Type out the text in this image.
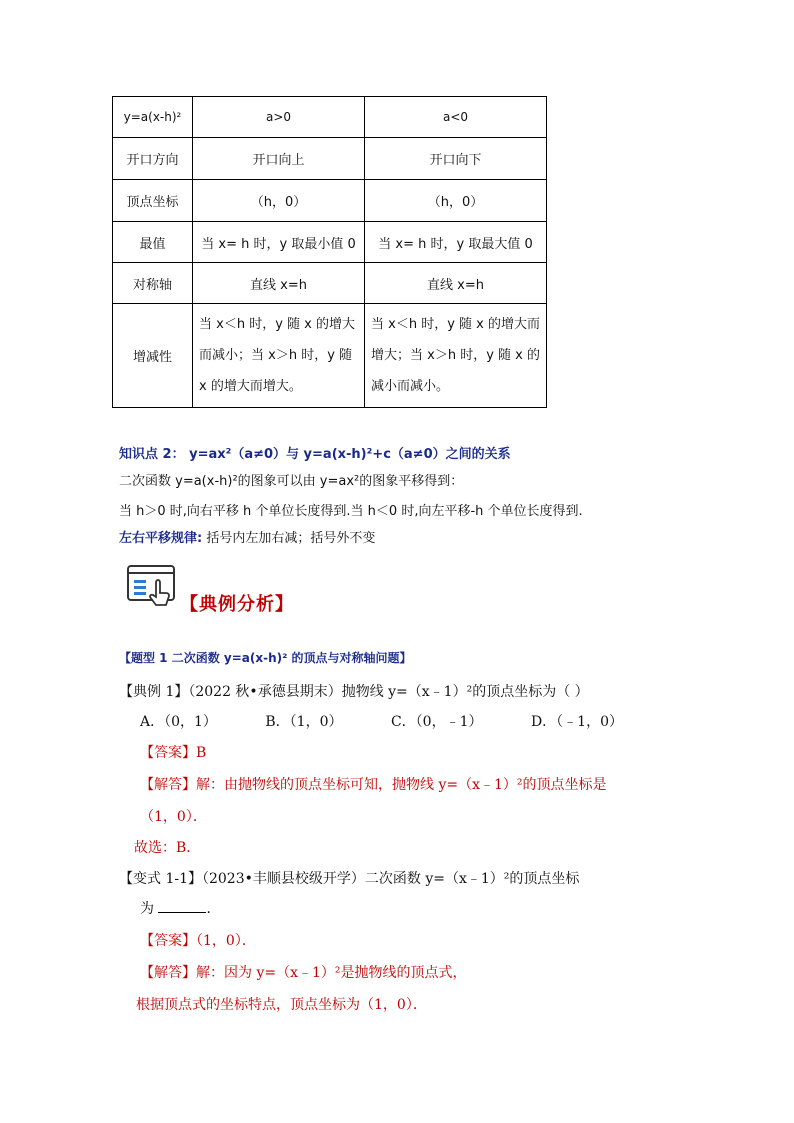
y=a(x-h)²	a>0	a<0
开口方向	开口向上	开口向下
顶点坐标	（h，0）	（h，0）
最值	当 x= h 时，y 取最小值 0	当 x= h 时，y 取最大值 0
对称轴	直线 x=h	直线 x=h
增减性	当 x＜h 时，y 随 x 的增大而减小；当 x＞h 时，y 随 x 的增大而增大。	当 x＜h 时，y 随 x 的增大而增大；当 x＞h 时，y 随 x 的减小而减小。
知识点 2： y=ax²（a≠0）与 y=a(x-h)²+c（a≠0）之间的关系
二次函数 y=a(x-h)²的图象可以由 y=ax²的图象平移得到：
当 h＞0 时,向右平移 h 个单位长度得到.当 h＜0 时,向左平移-h 个单位长度得到.
左右平移规律: 括号内左加右减；括号外不变
【典例分析】
【题型 1 二次函数 y=a(x-h)² 的顶点与对称轴问题】
【典例 1】（2022 秋•承德县期末）抛物线 y=（x﹣1）²的顶点坐标为（ ）
A．（0，1）	B．（1，0）	C．（0，﹣1）	D．（﹣1，0）
【答案】B
【解答】解：由抛物线的顶点坐标可知，抛物线 y=（x﹣1）²的顶点坐标是
（1，0）．
故选：B．
【变式 1-1】（2023•丰顺县校级开学）二次函数 y=（x﹣1）²的顶点坐标
为	．
【答案】（1，0）．
【解答】解：因为 y=（x﹣1）²是抛物线的顶点式，
根据顶点式的坐标特点，顶点坐标为（1，0）．
